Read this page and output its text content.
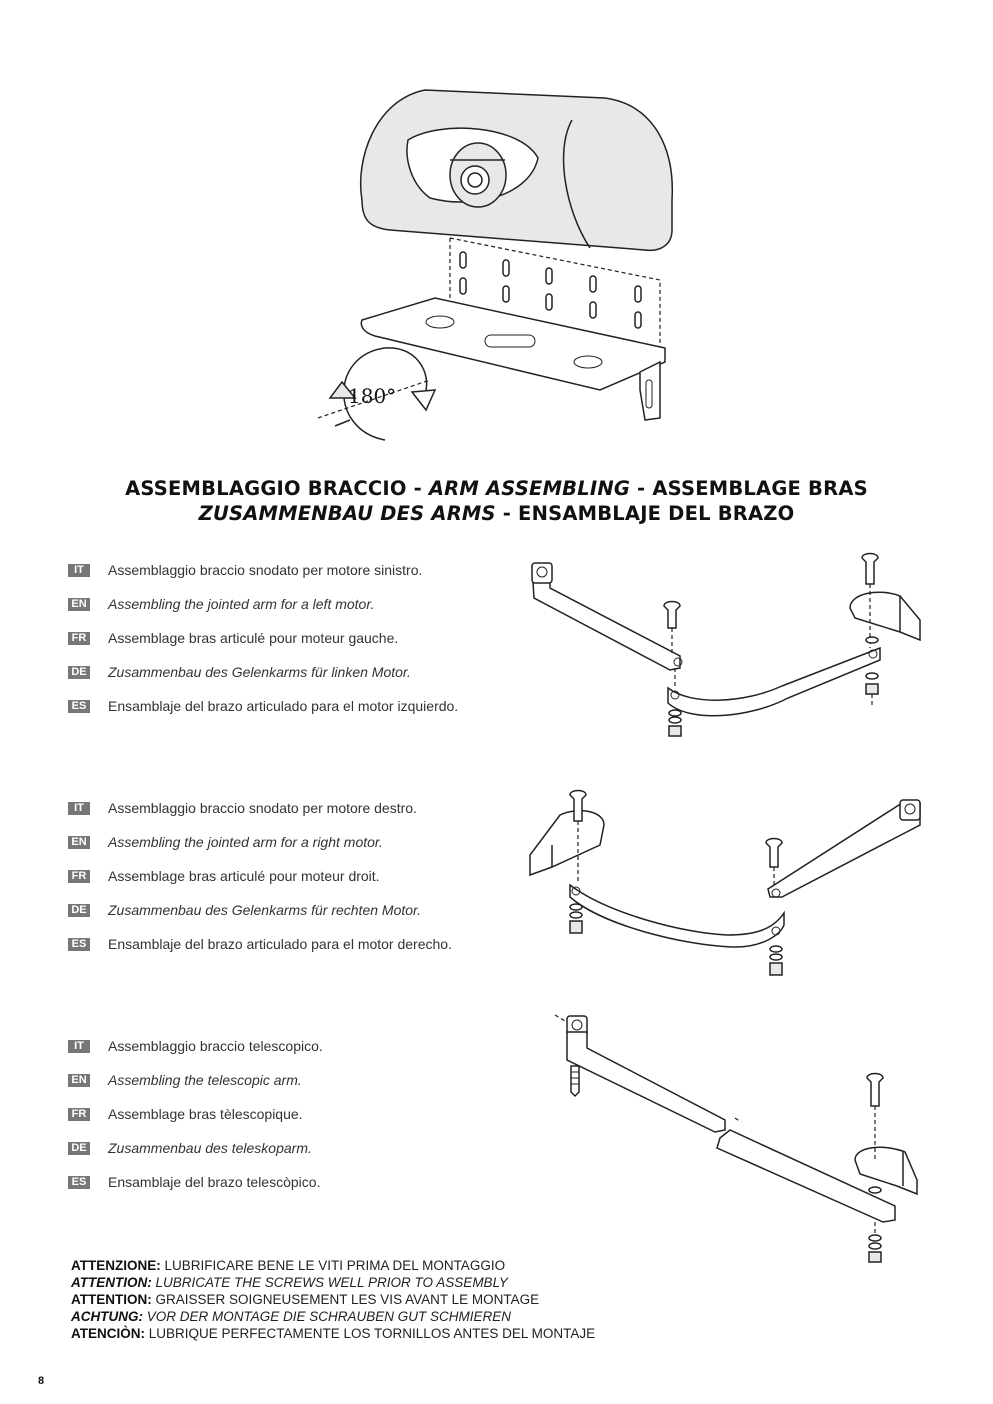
180°
ASSEMBLAGGIO BRACCIO - ARM ASSEMBLING - ASSEMBLAGE BRAS
ZUSAMMENBAU DES ARMS - ENSAMBLAJE DEL BRAZO
IT	Assemblaggio braccio snodato per motore sinistro.
EN Assembling the jointed arm for a left motor.
FR Assemblage bras articulé pour moteur gauche.
DE Zusammenbau des Gelenkarms für linken Motor.
ES Ensamblaje del brazo articulado para el motor izquierdo.
IT	Assemblaggio braccio snodato per motore destro.
EN Assembling the jointed arm for a right motor.
FR Assemblage bras articulé pour moteur droit.
DE Zusammenbau des Gelenkarms für rechten Motor.
ES Ensamblaje del brazo articulado para el motor derecho.
IT	Assemblaggio braccio telescopico.
EN Assembling the telescopic arm.
FR Assemblage bras tèlescopique.
DE Zusammenbau des teleskoparm.
ES Ensamblaje del brazo telescòpico.
ATTENZIONE: LUBRIFICARE BENE LE VITI PRIMA DEL MONTAGGIO
ATTENTION: LUBRICATE THE SCREWS WELL PRIOR TO ASSEMBLY
ATTENTION: GRAISSER SOIGNEUSEMENT LES VIS AVANT LE MONTAGE
ACHTUNG: VOR DER MONTAGE DIE SCHRAUBEN GUT SCHMIEREN
ATENCIÒN: LUBRIQUE PERFECTAMENTE LOS TORNILLOS ANTES DEL MONTAJE
8
